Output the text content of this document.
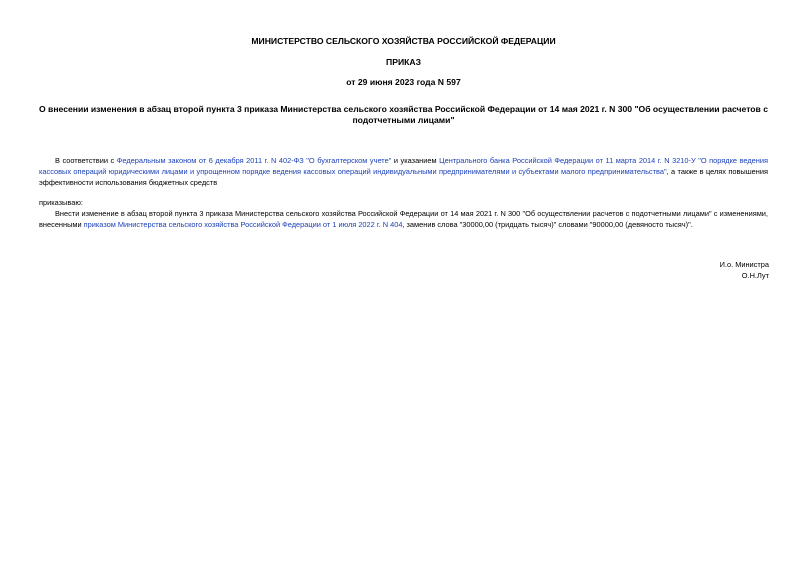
МИНИСТЕРСТВО СЕЛЬСКОГО ХОЗЯЙСТВА РОССИЙСКОЙ ФЕДЕРАЦИИ
ПРИКАЗ
от 29 июня 2023 года N 597
О внесении изменения в абзац второй пункта 3 приказа Министерства сельского хозяйства Российской Федерации от 14 мая 2021 г. N 300 "Об осуществлении расчетов с подотчетными лицами"
В соответствии с Федеральным законом от 6 декабря 2011 г. N 402-ФЗ "О бухгалтерском учете" и указанием Центрального банка Российской Федерации от 11 марта 2014 г. N 3210-У "О порядке ведения кассовых операций юридическими лицами и упрощенном порядке ведения кассовых операций индивидуальными предпринимателями и субъектами малого предпринимательства", а также в целях повышения эффективности использования бюджетных средств
приказываю:
Внести изменение в абзац второй пункта 3 приказа Министерства сельского хозяйства Российской Федерации от 14 мая 2021 г. N 300 "Об осуществлении расчетов с подотчетными лицами" с изменениями, внесенными приказом Министерства сельского хозяйства Российской Федерации от 1 июля 2022 г. N 404, заменив слова "30000,00 (тридцать тысяч)" словами "90000,00 (девяносто тысяч)".
И.о. Министра
О.Н.Лут
